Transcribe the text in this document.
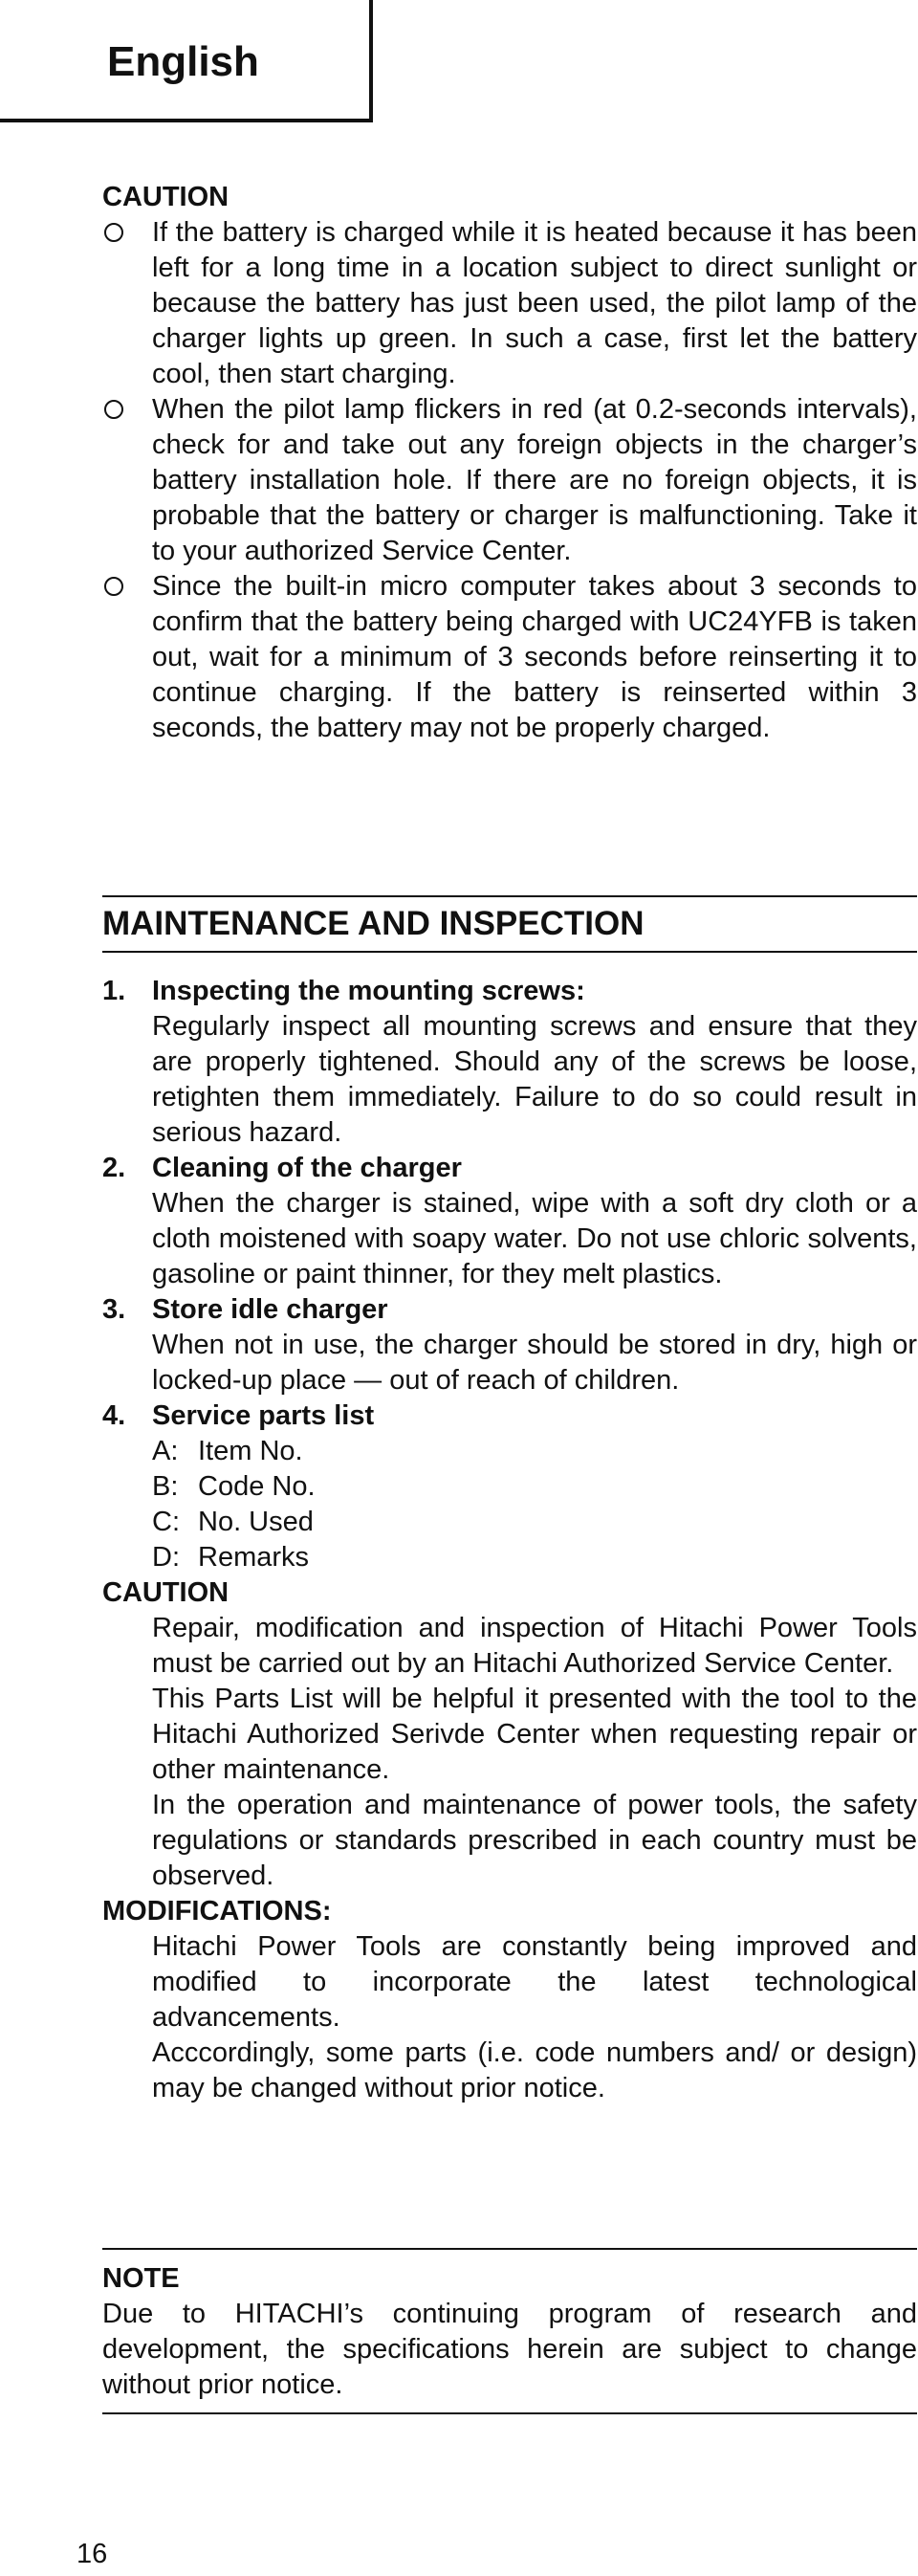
English
CAUTION
If the battery is charged while it is heated because it has been left for a long time in a location subject to direct sunlight or because the battery has just been used, the pilot lamp of the charger lights up green. In such a case, first let the battery cool, then start charging.
When the pilot lamp flickers in red (at 0.2-seconds intervals), check for and take out any foreign objects in the charger’s battery installation hole. If there are no foreign objects, it is probable that the battery or charger is malfunctioning. Take it to your authorized Service Center.
Since the built-in micro computer takes about 3 seconds to confirm that the battery being charged with UC24YFB is taken out, wait for a minimum of 3 seconds before reinserting it to continue charging. If the battery is reinserted within 3 seconds, the battery may not be properly charged.
MAINTENANCE AND INSPECTION
1. Inspecting the mounting screws:
Regularly inspect all mounting screws and ensure that they are properly tightened. Should any of the screws be loose, retighten them immediately. Failure to do so could result in serious hazard.
2. Cleaning of the charger
When the charger is stained, wipe with a soft dry cloth or a cloth moistened with soapy water. Do not use chloric solvents, gasoline or paint thinner, for they melt plastics.
3. Store idle charger
When not in use, the charger should be stored in dry, high or locked-up place — out of reach of children.
4. Service parts list
A: Item No.
B: Code No.
C: No. Used
D: Remarks
CAUTION
Repair, modification and inspection of Hitachi Power Tools must be carried out by an Hitachi Authorized Service Center.
This Parts List will be helpful it presented with the tool to the Hitachi Authorized Serivde Center when requesting repair or other maintenance.
In the operation and maintenance of power tools, the safety regulations or standards prescribed in each country must be observed.
MODIFICATIONS:
Hitachi Power Tools are constantly being improved and modified to incorporate the latest technological advancements.
Acccordingly, some parts (i.e. code numbers and/ or design) may be changed without prior notice.
NOTE
Due to HITACHI’s continuing program of research and development, the specifications herein are subject to change without prior notice.
16
